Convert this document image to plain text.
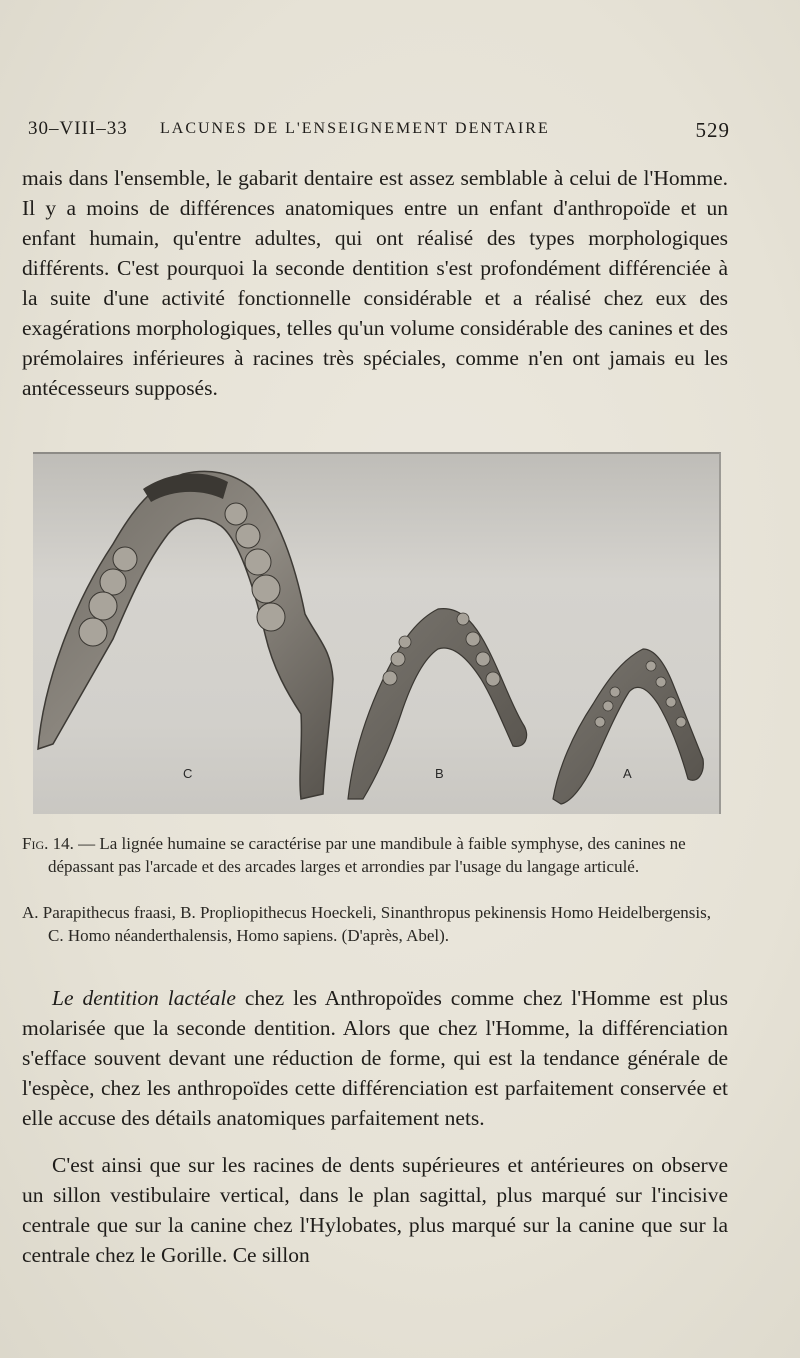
30–VIII–33 LACUNES DE L'ENSEIGNEMENT DENTAIRE	529

mais dans l'ensemble, le gabarit dentaire est assez semblable à celui de l'Homme. Il y a moins de différences anatomiques entre un enfant d'anthropoïde et un enfant humain, qu'entre adultes, qui ont réalisé des types morphologiques différents. C'est pourquoi la seconde dentition s'est profondément différenciée à la suite d'une activité fonctionnelle considérable et a réalisé chez eux des exagérations morphologiques, telles qu'un volume considérable des canines et des prémolaires inférieures à racines très spéciales, comme n'en ont jamais eu les antécesseurs supposés.

C	B	A
Fig. 14. — La lignée humaine se caractérise par une mandibule à faible symphyse, des canines ne dépassant pas l'arcade et des arcades larges et arrondies par l'usage du langage articulé.
A. Parapithecus fraasi, B. Propliopithecus Hoeckeli, Sinanthropus pekinensis Homo Heidelbergensis, C. Homo néanderthalensis, Homo sapiens. (D'après, Abel).

Le dentition lactéale chez les Anthropoïdes comme chez l'Homme est plus molarisée que la seconde dentition. Alors que chez l'Homme, la différenciation s'efface souvent devant une réduction de forme, qui est la tendance générale de l'espèce, chez les anthropoïdes cette différenciation est parfaitement conservée et elle accuse des détails anatomiques parfaitement nets.

C'est ainsi que sur les racines de dents supérieures et antérieures on observe un sillon vestibulaire vertical, dans le plan sagittal, plus marqué sur l'incisive centrale que sur la canine chez l'Hylobates, plus marqué sur la canine que sur la centrale chez le Gorille. Ce sillon
